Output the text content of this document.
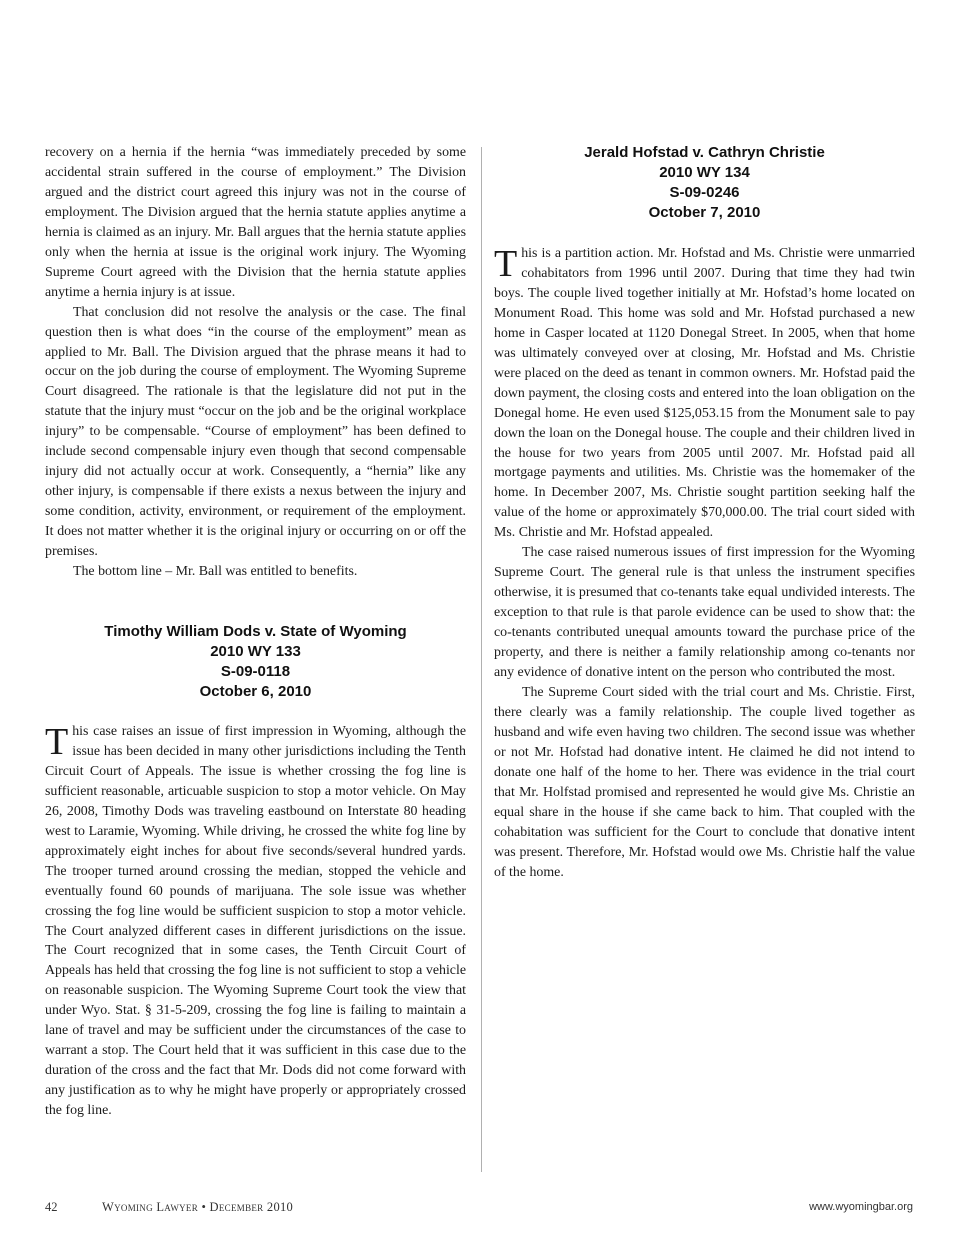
recovery on a hernia if the hernia “was immediately preceded by some accidental strain suffered in the course of employment.” The Division argued and the district court agreed this injury was not in the course of employment. The Division argued that the hernia statute applies anytime a hernia is claimed as an injury. Mr. Ball argues that the hernia statute applies only when the hernia at issue is the original work injury. The Wyoming Supreme Court agreed with the Division that the hernia statute applies anytime a hernia injury is at issue.

That conclusion did not resolve the analysis or the case. The final question then is what does “in the course of the employment” mean as applied to Mr. Ball. The Division argued that the phrase means it had to occur on the job during the course of employment. The Wyoming Supreme Court disagreed. The rationale is that the legislature did not put in the statute that the injury must “occur on the job and be the original workplace injury” to be compensable. “Course of employment” has been defined to include second compensable injury even though that second compensable injury did not actually occur at work. Consequently, a “hernia” like any other injury, is compensable if there exists a nexus between the injury and some condition, activity, environment, or requirement of the employment. It does not matter whether it is the original injury or occurring on or off the premises.

The bottom line – Mr. Ball was entitled to benefits.

Timothy William Dods v. State of Wyoming
2010 WY 133
S-09-0118
October 6, 2010

This case raises an issue of first impression in Wyoming, although the issue has been decided in many other jurisdictions including the Tenth Circuit Court of Appeals. The issue is whether crossing the fog line is sufficient reasonable, articuable suspicion to stop a motor vehicle. On May 26, 2008, Timothy Dods was traveling eastbound on Interstate 80 heading west to Laramie, Wyoming. While driving, he crossed the white fog line by approximately eight inches for about five seconds/several hundred yards. The trooper turned around crossing the median, stopped the vehicle and eventually found 60 pounds of marijuana. The sole issue was whether crossing the fog line would be sufficient suspicion to stop a motor vehicle. The Court analyzed different cases in different jurisdictions on the issue. The Court recognized that in some cases, the Tenth Circuit Court of Appeals has held that crossing the fog line is not sufficient to stop a vehicle on reasonable suspicion. The Wyoming Supreme Court took the view that under Wyo. Stat. § 31-5-209, crossing the fog line is failing to maintain a lane of travel and may be sufficient under the circumstances of the case to warrant a stop. The Court held that it was sufficient in this case due to the duration of the cross and the fact that Mr. Dods did not come forward with any justification as to why he might have properly or appropriately crossed the fog line.

Jerald Hofstad v. Cathryn Christie
2010 WY 134
S-09-0246
October 7, 2010

This is a partition action. Mr. Hofstad and Ms. Christie were unmarried cohabitators from 1996 until 2007. During that time they had twin boys. The couple lived together initially at Mr. Hofstad’s home located on Monument Road. This home was sold and Mr. Hofstad purchased a new home in Casper located at 1120 Donegal Street. In 2005, when that home was ultimately conveyed over at closing, Mr. Hofstad and Ms. Christie were placed on the deed as tenant in common owners. Mr. Hofstad paid the down payment, the closing costs and entered into the loan obligation on the Donegal home. He even used $125,053.15 from the Monument sale to pay down the loan on the Donegal house. The couple and their children lived in the house for two years from 2005 until 2007. Mr. Hofstad paid all mortgage payments and utilities. Ms. Christie was the homemaker of the home. In December 2007, Ms. Christie sought partition seeking half the value of the home or approximately $70,000.00. The trial court sided with Ms. Christie and Mr. Hofstad appealed.

The case raised numerous issues of first impression for the Wyoming Supreme Court. The general rule is that unless the instrument specifies otherwise, it is presumed that co-tenants take equal undivided interests. The exception to that rule is that parole evidence can be used to show that: the co-tenants contributed unequal amounts toward the purchase price of the property, and there is neither a family relationship among co-tenants nor any evidence of donative intent on the person who contributed the most.

The Supreme Court sided with the trial court and Ms. Christie. First, there clearly was a family relationship. The couple lived together as husband and wife even having two children. The second issue was whether or not Mr. Hofstad had donative intent. He claimed he did not intend to donate one half of the home to her. There was evidence in the trial court that Mr. Holfstad promised and represented he would give Ms. Christie an equal share in the house if she came back to him. That coupled with the cohabitation was sufficient for the Court to conclude that donative intent was present. Therefore, Mr. Hofstad would owe Ms. Christie half the value of the home.

42	Wyoming Lawyer • December 2010	www.wyomingbar.org
